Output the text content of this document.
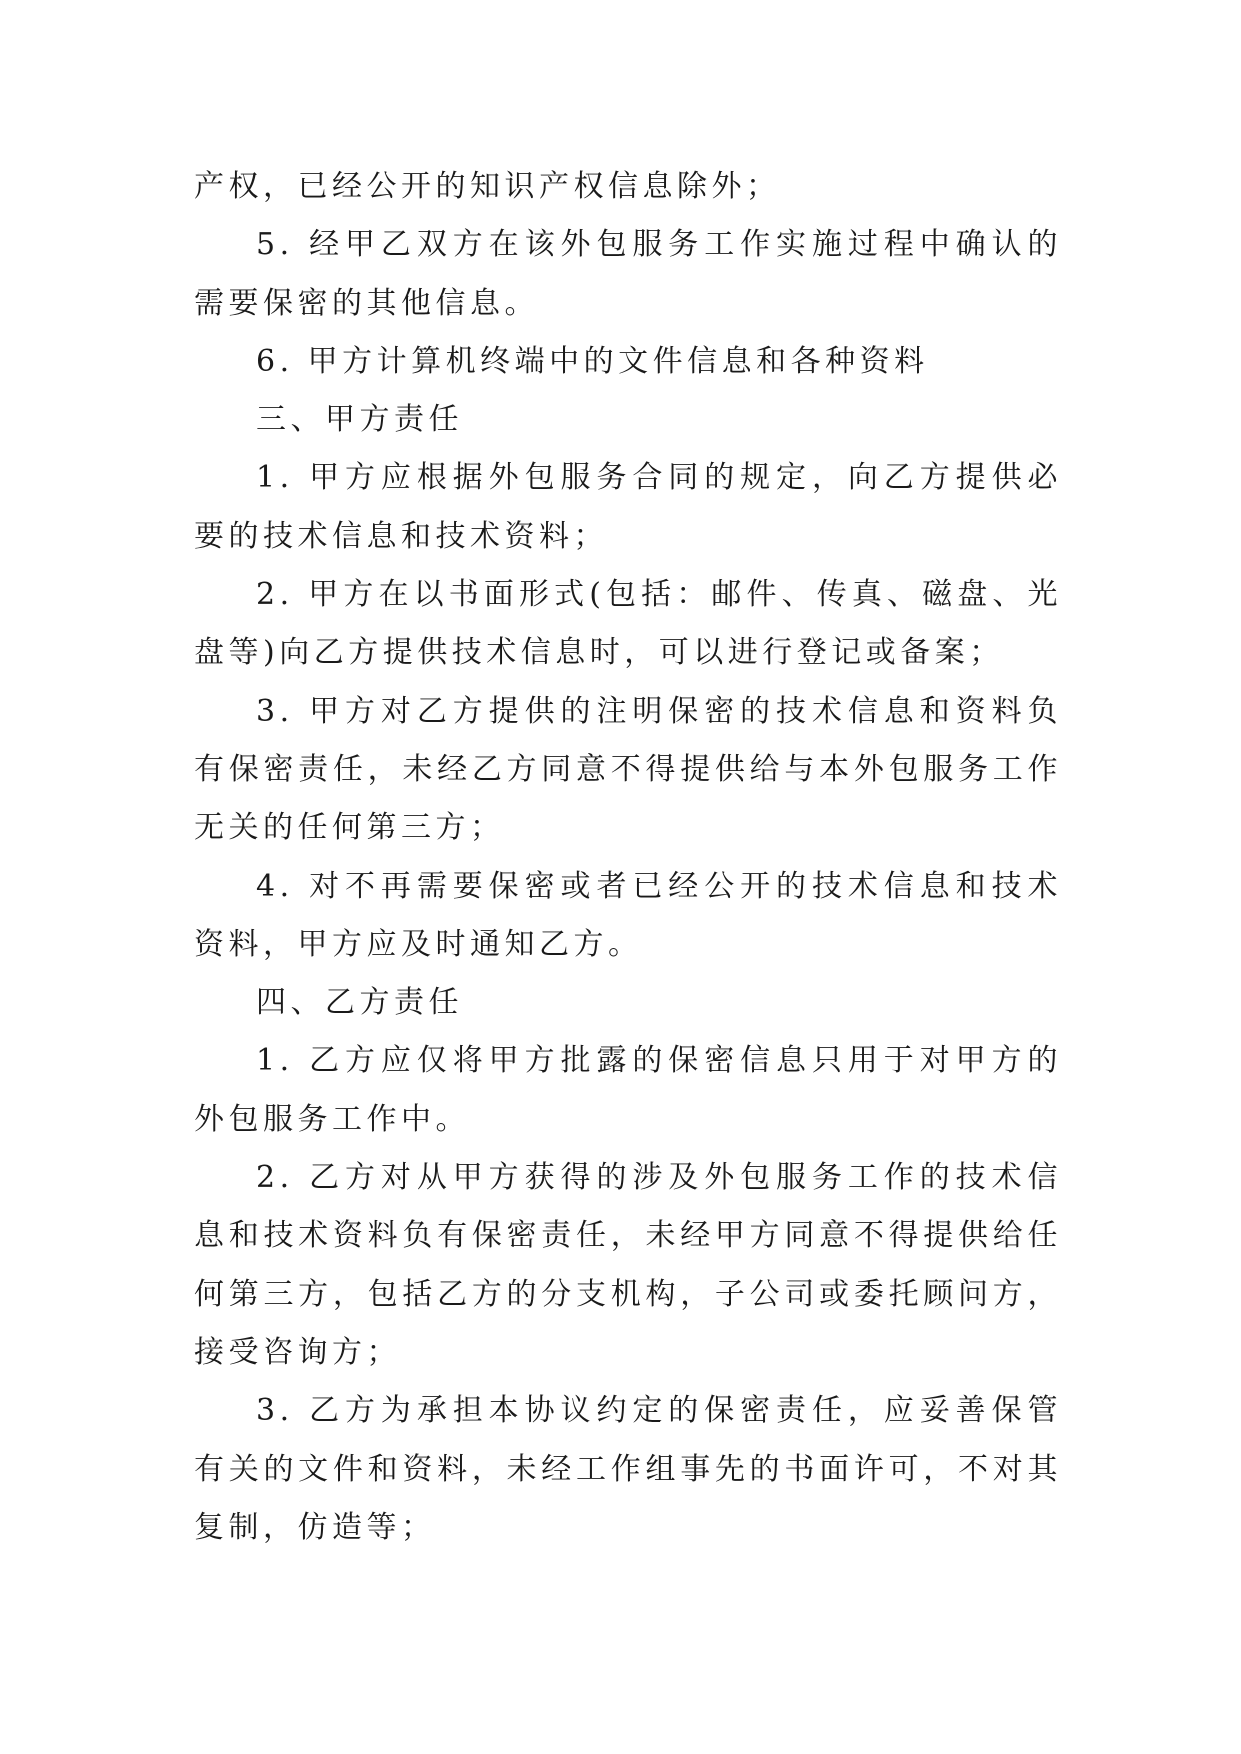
产权，已经公开的知识产权信息除外；

5. 经甲乙双方在该外包服务工作实施过程中确认的需要保密的其他信息。

6. 甲方计算机终端中的文件信息和各种资料

三、甲方责任

1. 甲方应根据外包服务合同的规定，向乙方提供必要的技术信息和技术资料；

2. 甲方在以书面形式(包括：邮件、传真、磁盘、光盘等)向乙方提供技术信息时，可以进行登记或备案；

3. 甲方对乙方提供的注明保密的技术信息和资料负有保密责任，未经乙方同意不得提供给与本外包服务工作无关的任何第三方；

4. 对不再需要保密或者已经公开的技术信息和技术资料，甲方应及时通知乙方。

四、乙方责任

1. 乙方应仅将甲方批露的保密信息只用于对甲方的外包服务工作中。

2. 乙方对从甲方获得的涉及外包服务工作的技术信息和技术资料负有保密责任，未经甲方同意不得提供给任何第三方，包括乙方的分支机构，子公司或委托顾问方，接受咨询方；

3. 乙方为承担本协议约定的保密责任，应妥善保管有关的文件和资料，未经工作组事先的书面许可，不对其复制，仿造等；
